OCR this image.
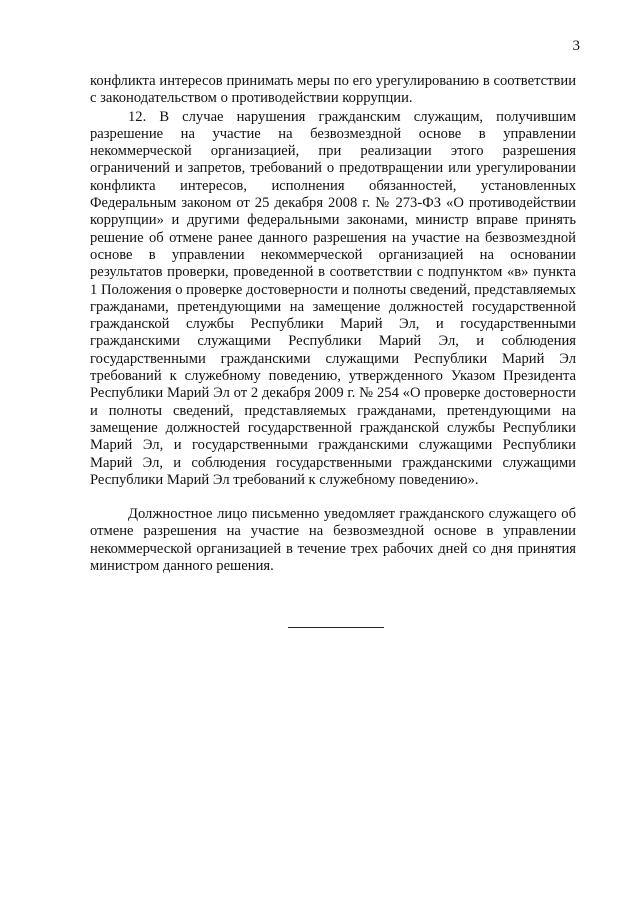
3

конфликта интересов принимать меры по его урегулированию в соответствии с законодательством о противодействии коррупции.

12. В случае нарушения гражданским служащим, получившим разрешение на участие на безвозмездной основе в управлении некоммерческой организацией, при реализации этого разрешения ограничений и запретов, требований о предотвращении или урегулировании конфликта интересов, исполнения обязанностей, установленных Федеральным законом от 25 декабря 2008 г. № 273-ФЗ «О противодействии коррупции» и другими федеральными законами, министр вправе принять решение об отмене ранее данного разрешения на участие на безвозмездной основе в управлении некоммерческой организацией на основании результатов проверки, проведенной в соответствии с подпунктом «в» пункта 1 Положения о проверке достоверности и полноты сведений, представляемых гражданами, претендующими на замещение должностей государственной гражданской службы Республики Марий Эл, и государственными гражданскими служащими Республики Марий Эл, и соблюдения государственными гражданскими служащими Республики Марий Эл требований к служебному поведению, утвержденного Указом Президента Республики Марий Эл от 2 декабря 2009 г. № 254 «О проверке достоверности и полноты сведений, представляемых гражданами, претендующими на замещение должностей государственной гражданской службы Республики Марий Эл, и государственными гражданскими служащими Республики Марий Эл, и соблюдения государственными гражданскими служащими Республики Марий Эл требований к служебному поведению».

Должностное лицо письменно уведомляет гражданского служащего об отмене разрешения на участие на безвозмездной основе в управлении некоммерческой организацией в течение трех рабочих дней со дня принятия министром данного решения.
